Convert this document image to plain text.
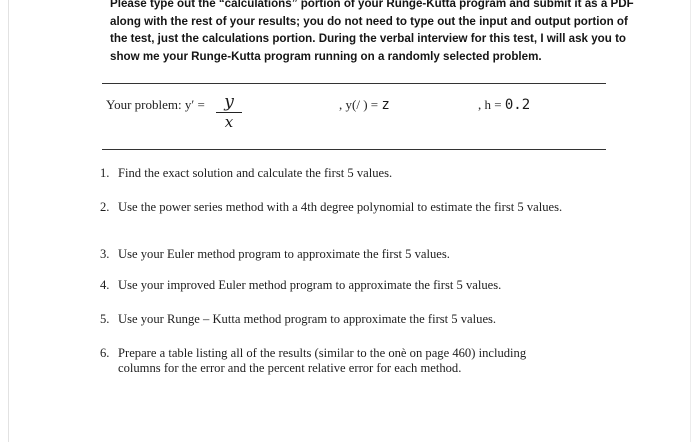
Please type out the “calculations” portion of your Runge-Kutta program and submit it as a PDF
along with the rest of your results; you do not need to type out the input and output portion of
the test, just the calculations portion. During the verbal interview for this test, I will ask you to
show me your Runge-Kutta program running on a randomly selected problem.
Your problem: y′ =	y
x
, y(/ ) = z	, h = 0.2
1. Find the exact solution and calculate the first 5 values.
2. Use the power series method with a 4th degree polynomial to estimate the first 5 values.
3. Use your Euler method program to approximate the first 5 values.
4. Use your improved Euler method program to approximate the first 5 values.
5. Use your Runge – Kutta method program to approximate the first 5 values.
6. Prepare a table listing all of the results (similar to the onè on page 460) including columns for the error and the percent relative error for each method.
